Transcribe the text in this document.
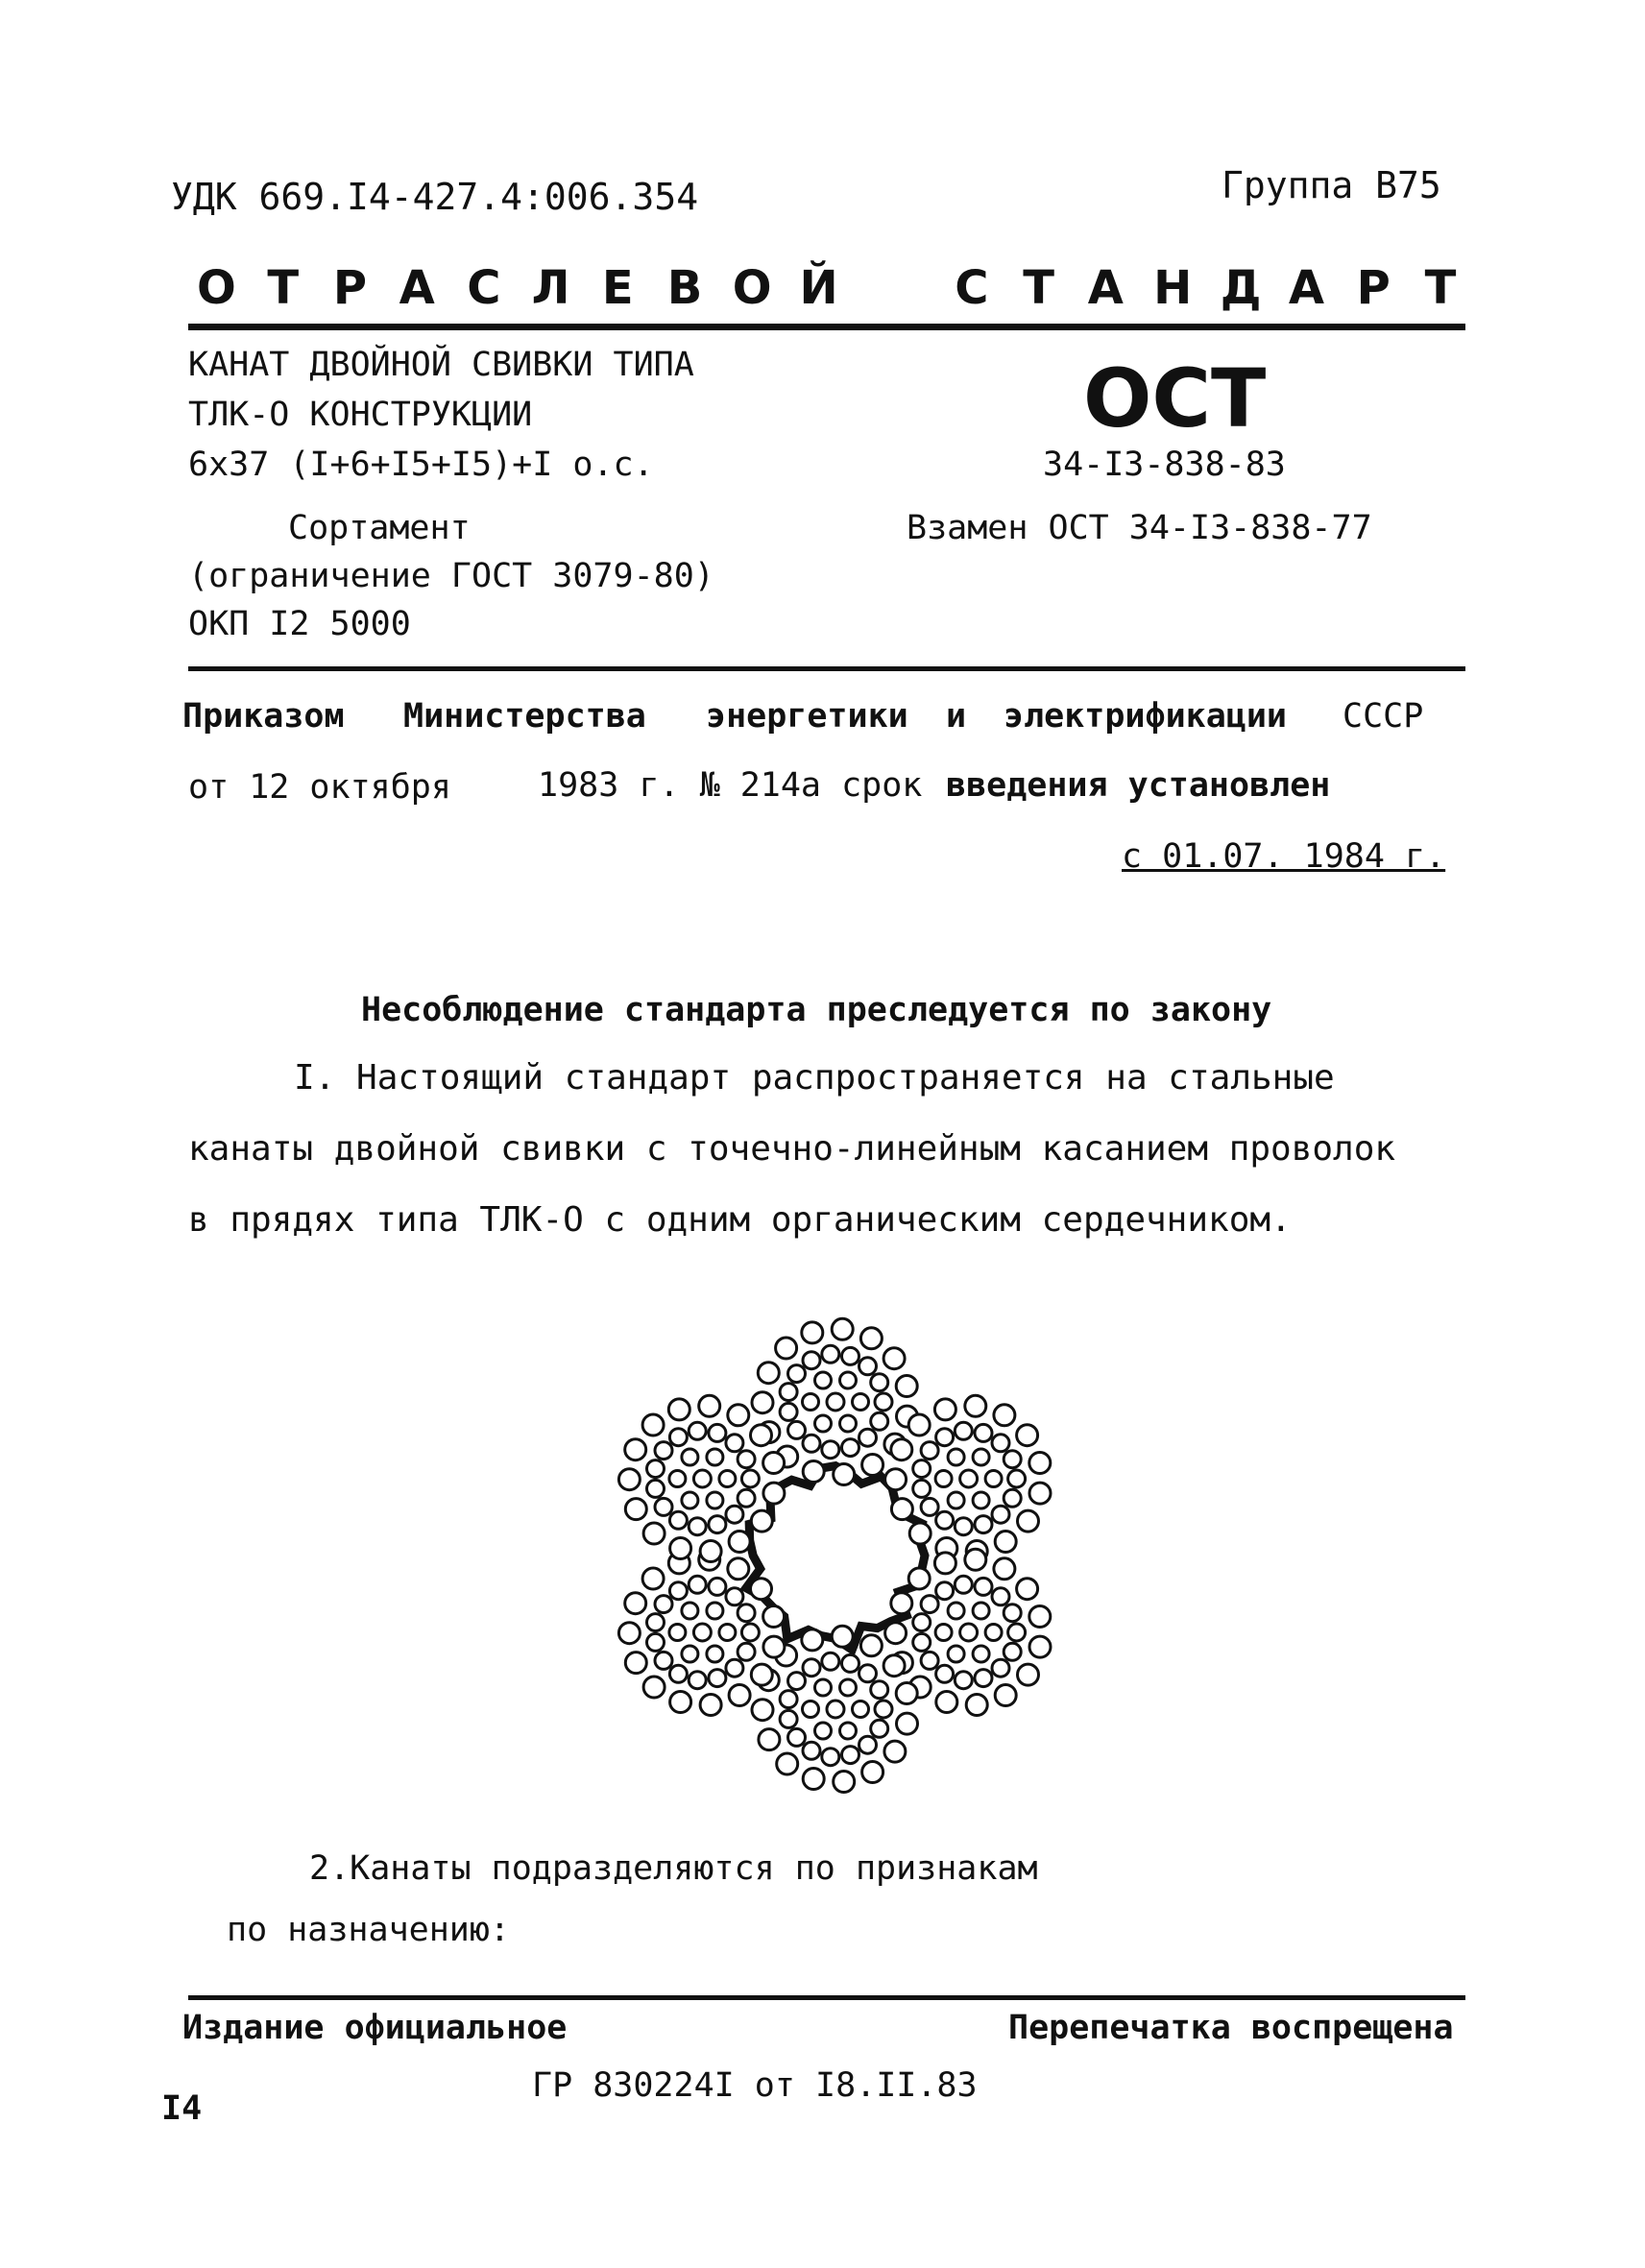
УДК 669.I4-427.4:006.354	Группа В75
О Т Р А С Л Е В О Й	С Т А Н Д А Р Т
КАНАТ ДВОЙНОЙ СВИВКИ ТИПА
ТЛК-О КОНСТРУКЦИИ
6х37 (I+6+I5+I5)+I о.с.
Сортамент
(ограничение ГОСТ 3079-80)
ОКП I2 5000
ОСТ
34-I3-838-83
Взамен ОСТ 34-I3-838-77
Приказом Министерства энергетики и электрификации СССР
от 12 октября	1983 г. № 214а срок введения установлен
с 01.07. 1984 г.
Несоблюдение стандарта преследуется по закону
I. Настоящий стандарт распространяется на стальные канаты двойной свивки с точечно-линейным касанием проволок в прядях типа ТЛК-О с одним органическим сердечником.
2.Канаты подразделяются по признакам
по назначению:
Издание официальное	Перепечатка воспрещена
ГР 830224I от I8.II.83
I4
